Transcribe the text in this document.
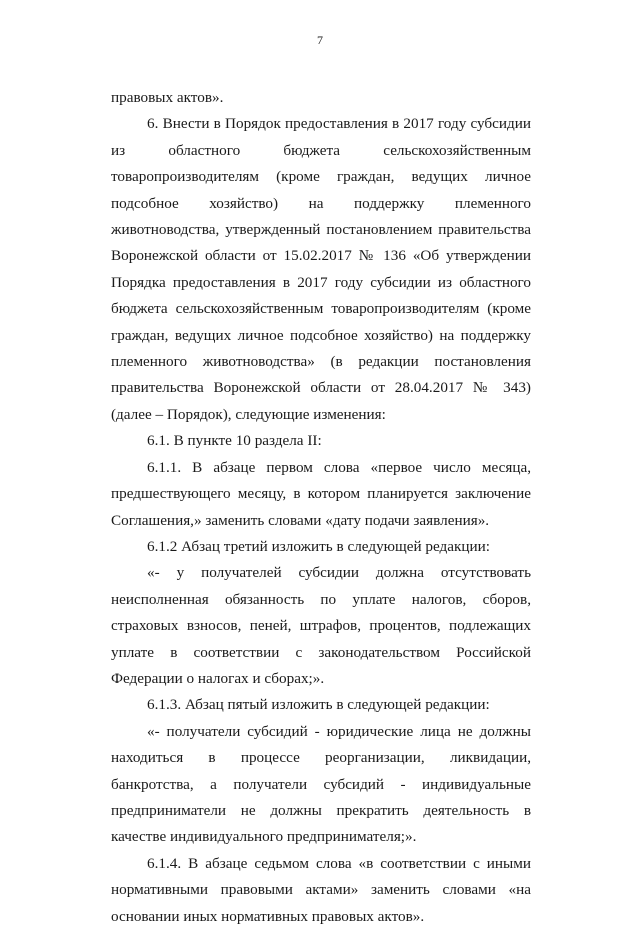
7

правовых актов».

6. Внести в Порядок предоставления в 2017 году субсидии из областного бюджета сельскохозяйственным товаропроизводителям (кроме граждан, ведущих личное подсобное хозяйство) на поддержку племенного животноводства, утвержденный постановлением правительства Воронежской области от 15.02.2017 № 136 «Об утверждении Порядка предоставления в 2017 году субсидии из областного бюджета сельскохозяйственным товаропроизводителям (кроме граждан, ведущих личное подсобное хозяйство) на поддержку племенного животноводства» (в редакции постановления правительства Воронежской области от 28.04.2017 № 343) (далее – Порядок), следующие изменения:

6.1. В пункте 10 раздела II:

6.1.1. В абзаце первом слова «первое число месяца, предшествующего месяцу, в котором планируется заключение Соглашения,» заменить словами «дату подачи заявления».

6.1.2 Абзац третий изложить в следующей редакции:

«- у получателей субсидии должна отсутствовать неисполненная обязанность по уплате налогов, сборов, страховых взносов, пеней, штрафов, процентов, подлежащих уплате в соответствии с законодательством Российской Федерации о налогах и сборах;».

6.1.3. Абзац пятый изложить в следующей редакции:

«- получатели субсидий - юридические лица не должны находиться в процессе реорганизации, ликвидации, банкротства, а получатели субсидий - индивидуальные предприниматели не должны прекратить деятельность в качестве индивидуального предпринимателя;».

6.1.4. В абзаце седьмом слова «в соответствии с иными нормативными правовыми актами» заменить словами «на основании иных нормативных правовых актов».
